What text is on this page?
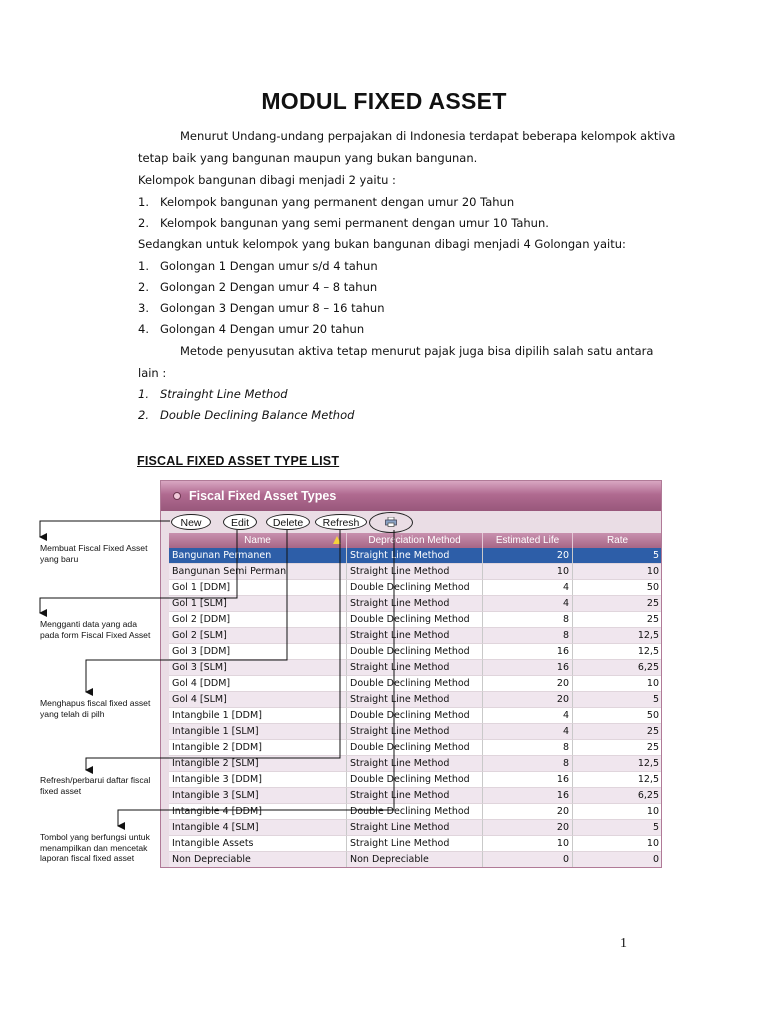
MODUL FIXED ASSET
Menurut Undang-undang perpajakan di Indonesia terdapat beberapa kelompok aktiva
tetap baik yang bangunan maupun yang bukan bangunan.
Kelompok bangunan dibagi menjadi 2 yaitu :
1. Kelompok bangunan yang permanent dengan umur 20 Tahun
2. Kelompok bangunan yang semi permanent dengan umur 10 Tahun.
Sedangkan untuk kelompok yang bukan bangunan dibagi menjadi 4 Golongan yaitu:
1. Golongan 1 Dengan umur s/d 4 tahun
2. Golongan 2 Dengan umur 4 – 8 tahun
3. Golongan 3 Dengan umur 8 – 16 tahun
4. Golongan 4 Dengan umur 20 tahun
Metode penyusutan aktiva tetap menurut pajak juga bisa dipilih salah satu antara
lain :
1. Strainght Line Method
2. Double Declining Balance Method
FISCAL FIXED ASSET TYPE LIST
Fiscal Fixed Asset Types
New	Edit	Delete	Refresh
Name	Depreciation Method	Estimated Life	Rate
Bangunan Permanen	Straight Line Method	20	5
Bangunan Semi Perman	Straight Line Method	10	10
Gol 1 [DDM]	Double Declining Method	4	50
Gol 1 [SLM]	Straight Line Method	4	25
Gol 2 [DDM]	Double Declining Method	8	25
Gol 2 [SLM]	Straight Line Method	8	12,5
Gol 3 [DDM]	Double Declining Method	16	12,5
Gol 3 [SLM]	Straight Line Method	16	6,25
Gol 4 [DDM]	Double Declining Method	20	10
Gol 4 [SLM]	Straight Line Method	20	5
Intangbile 1 [DDM]	Double Declining Method	4	50
Intangible 1 [SLM]	Straight Line Method	4	25
Intangible 2 [DDM]	Double Declining Method	8	25
Intangible 2 [SLM]	Straight Line Method	8	12,5
Intangible 3 [DDM]	Double Declining Method	16	12,5
Intangible 3 [SLM]	Straight Line Method	16	6,25
Intangible 4 [DDM]	Double Declining Method	20	10
Intangible 4 [SLM]	Straight Line Method	20	5
Intangible Assets	Straight Line Method	10	10
Non Depreciable	Non Depreciable	0	0
Membuat Fiscal Fixed Asset yang baru
Mengganti data yang ada pada form Fiscal Fixed Asset
Menghapus fiscal fixed asset yang telah di pilh
Refresh/perbarui daftar fiscal fixed asset
Tombol yang berfungsi untuk menampilkan dan mencetak laporan fiscal fixed asset
1
